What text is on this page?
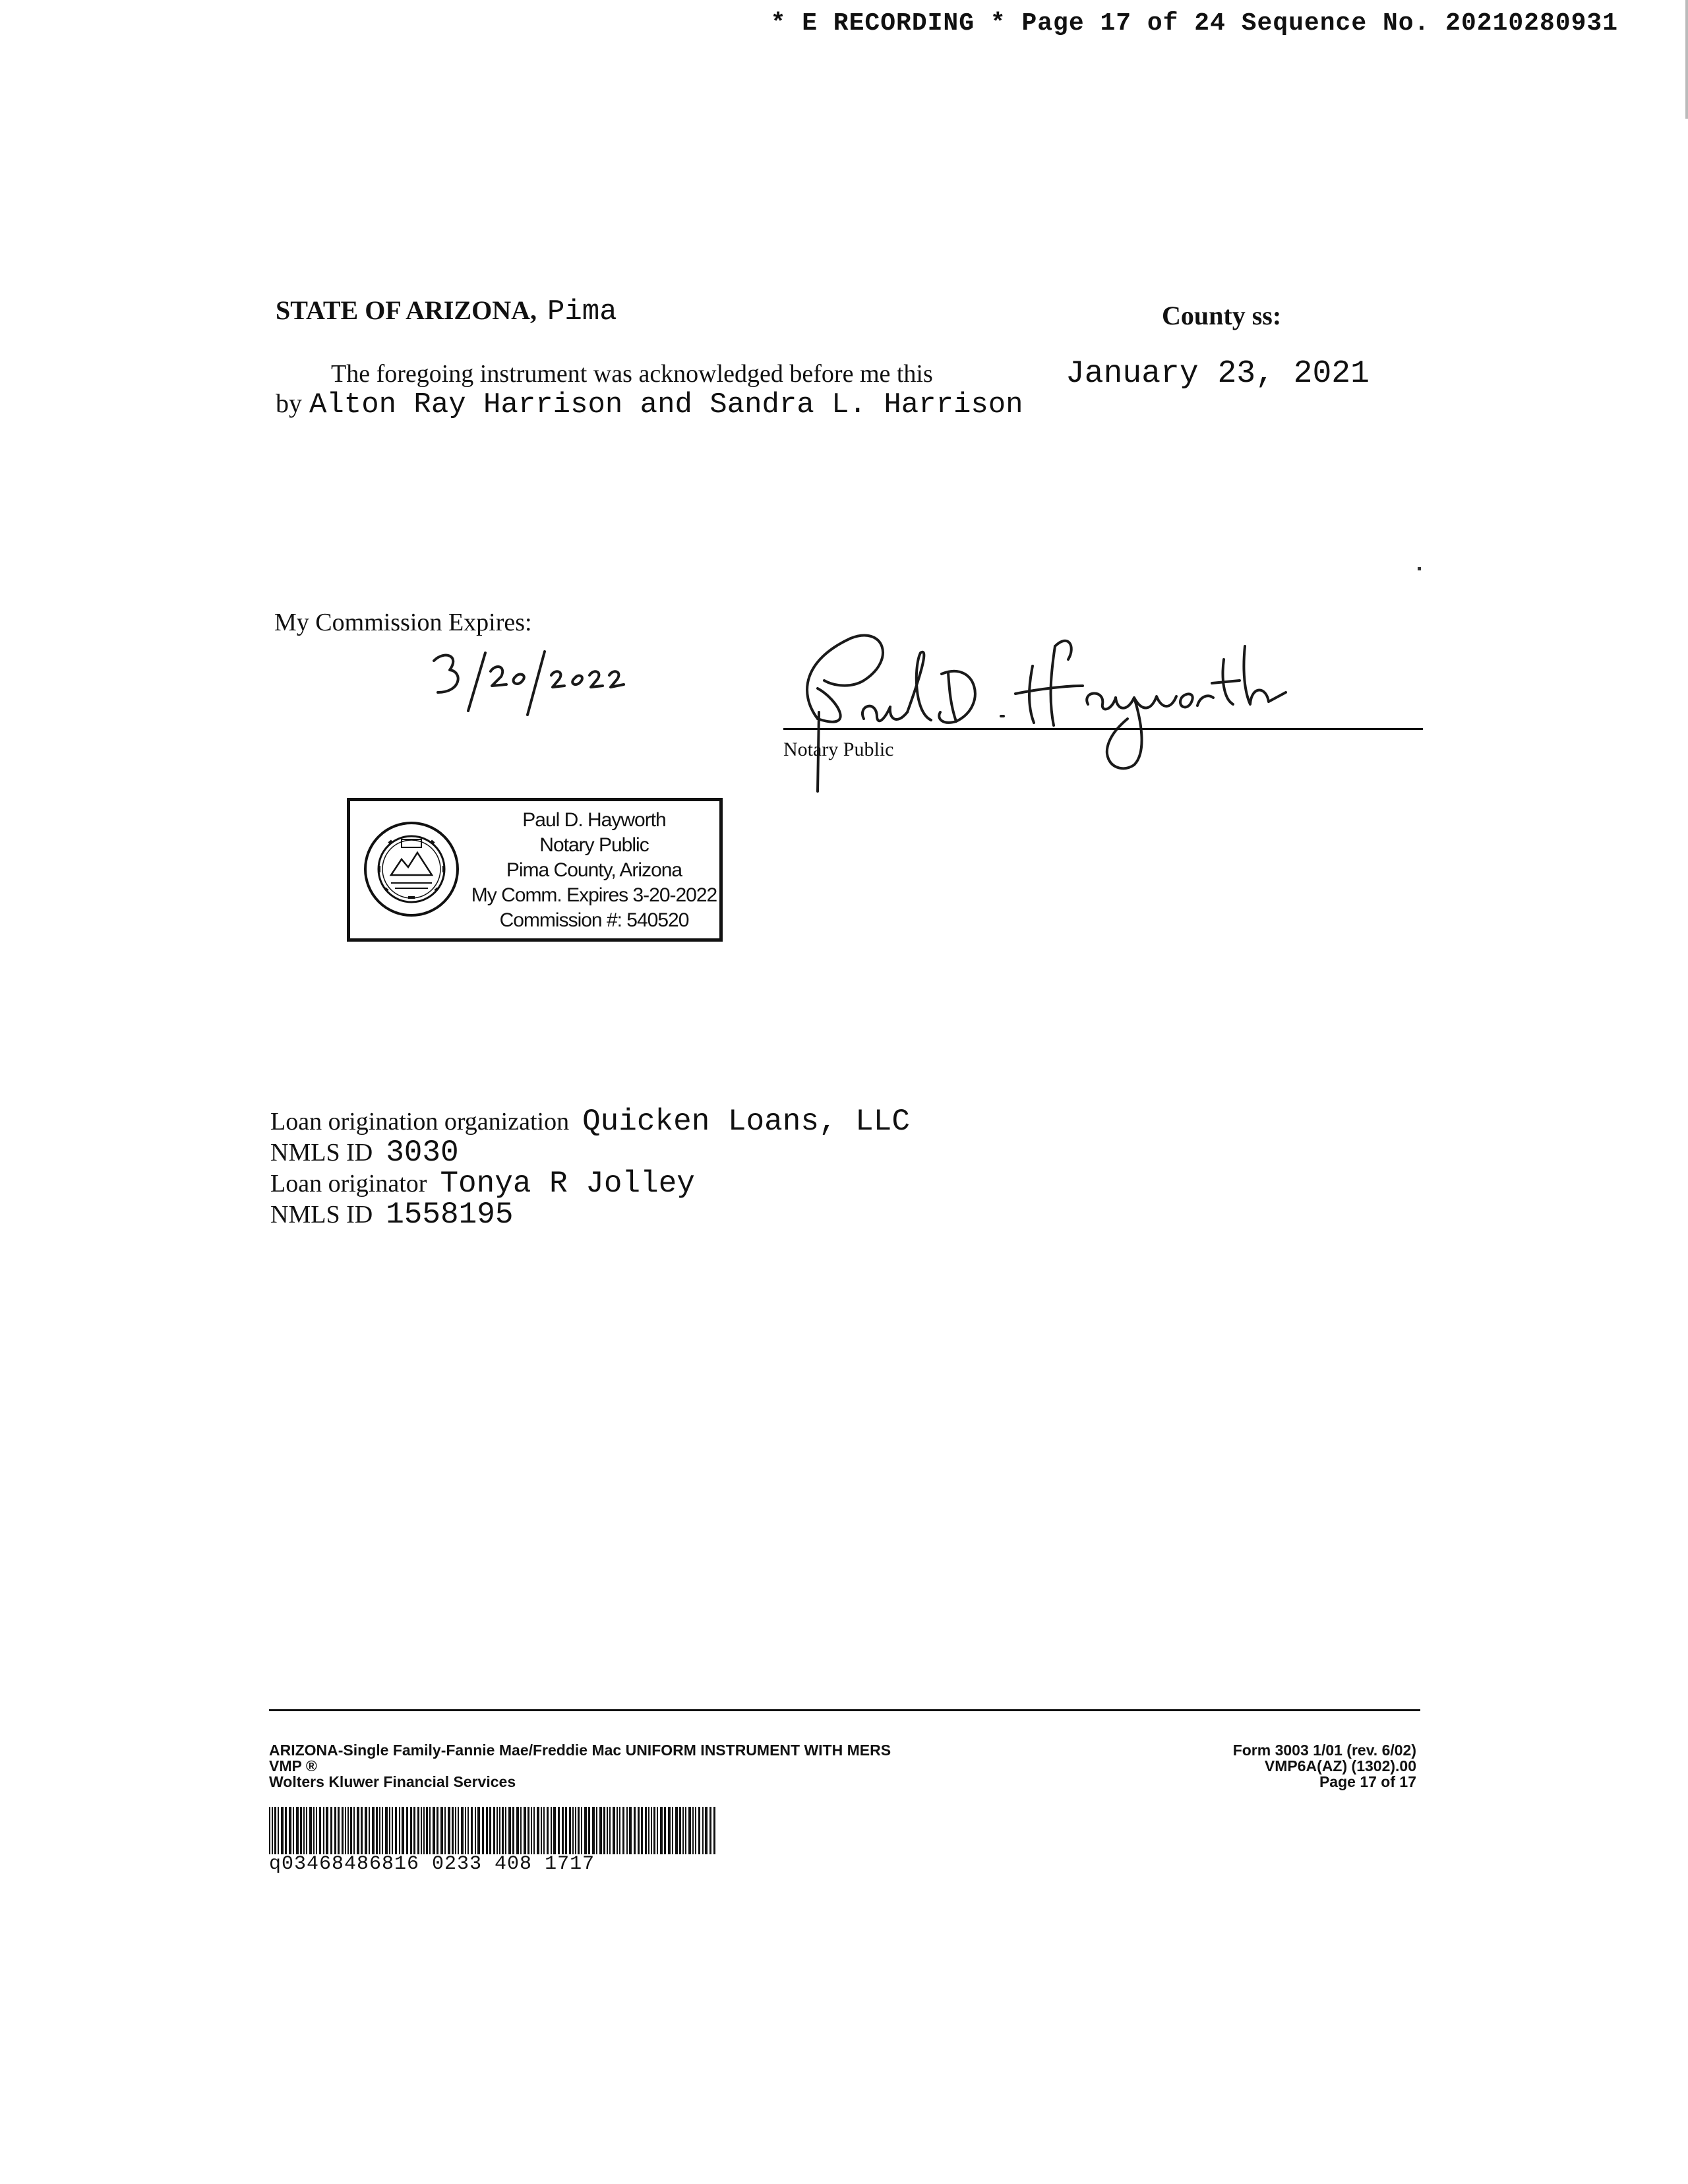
* E RECORDING * Page 17 of 24 Sequence No. 20210280931
STATE OF ARIZONA, Pima	County ss:
The foregoing instrument was acknowledged before me this	January 23, 2021
by Alton Ray Harrison and Sandra L. Harrison
My Commission Expires:
Notary Public
Paul D. Hayworth
Notary Public
Pima County, Arizona
My Comm. Expires 3-20-2022
Commission #: 540520
Loan origination organization Quicken Loans, LLC
NMLS ID 3030
Loan originator Tonya R Jolley
NMLS ID 1558195
ARIZONA-Single Family-Fannie Mae/Freddie Mac UNIFORM INSTRUMENT WITH MERS
VMP ®
Wolters Kluwer Financial Services
Form 3003 1/01 (rev. 6/02)
VMP6A(AZ) (1302).00
Page 17 of 17
q03468486816 0233 408 1717
